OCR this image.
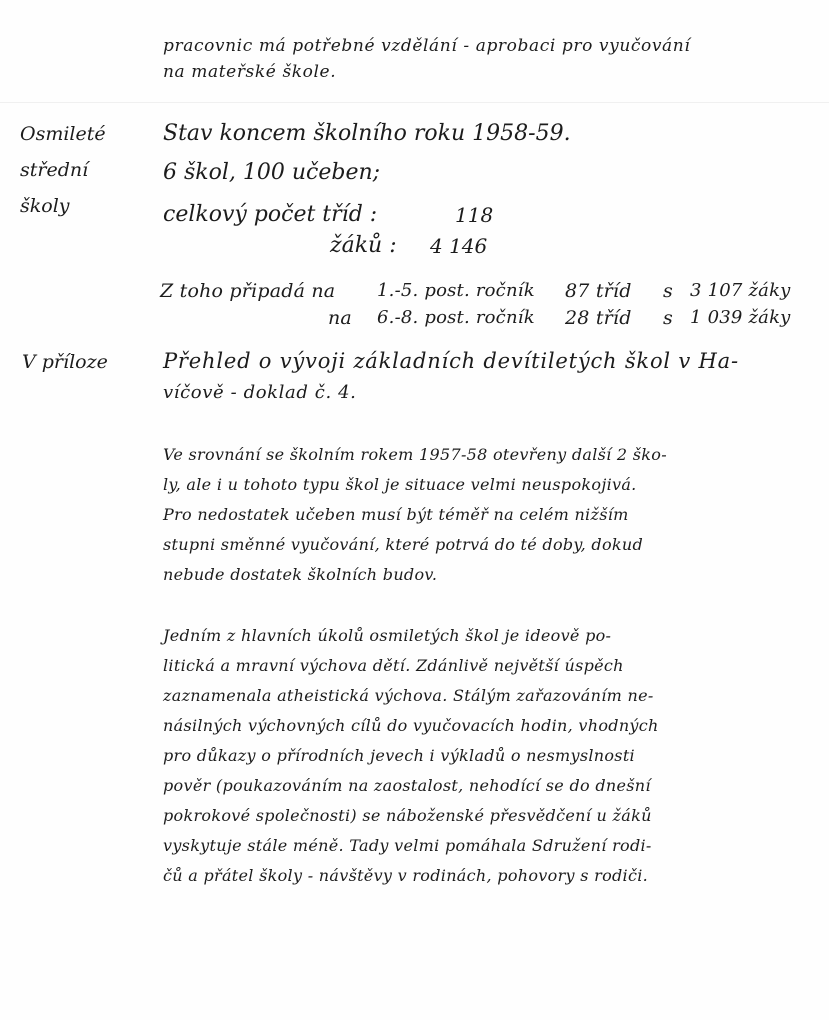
pracovnic má potřebné vzdělání - aprobaci pro vyučování
na mateřské škole.
Osmileté
střední
školy
Stav koncem školního roku 1958-59.
6 škol, 100 učeben;
celkový počet tříd :	118
žáků : 4 146
Z toho připadá na 1.-5. post. ročník 87 tříd s 3 107 žáky
na 6.-8. post. ročník 28 tříd s 1 039 žáky
V příloze	Přehled o vývoji základních devítiletých škol v Ha-
víčově - doklad č. 4.
Ve srovnání se školním rokem 1957-58 otevřeny další 2 ško-
ly, ale i u tohoto typu škol je situace velmi neuspokojivá.
Pro nedostatek učeben musí být téměř na celém nižším
stupni směnné vyučování, které potrvá do té doby, dokud
nebude dostatek školních budov.
Jedním z hlavních úkolů osmiletých škol je ideově po-
litická a mravní výchova dětí. Zdánlivě největší úspěch
zaznamenala atheistická výchova. Stálým zařazováním ne-
násilných výchovných cílů do vyučovacích hodin, vhodných
pro důkazy o přírodních jevech i výkladů o nesmyslnosti
pověr (poukazováním na zaostalost, nehodící se do dnešní
pokrokové společnosti) se náboženské přesvědčení u žáků
vyskytuje stále méně. Tady velmi pomáhala Sdružení rodi-
čů a přátel školy - návštěvy v rodinách, pohovory s rodiči.
